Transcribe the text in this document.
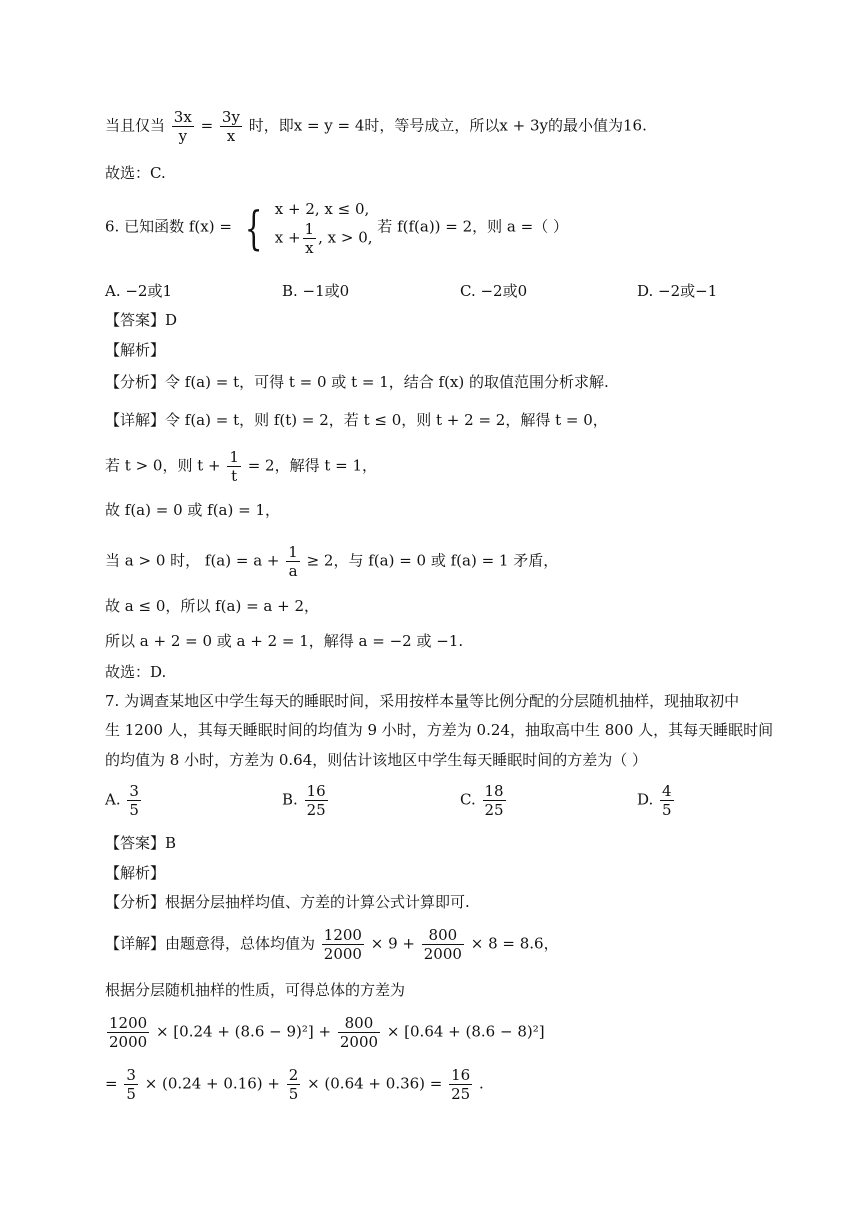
当且仅当 $\frac{3x}{y} = \frac{3y}{x}$ 时，即x = y = 4时，等号成立，所以x + 3y的最小值为16.
故选：C.
6. 已知函数 f(x) = { x + 2, x ≤ 0,
$x + \frac{1}{x}$ , x > 0,
若 f(f(a)) = 2，则 a =（ ）
A. −2或1	B. −1或0	C. −2或0	D. −2或−1
【答案】D
【解析】
【分析】令 f(a) = t，可得 t = 0 或 t = 1，结合 f(x) 的取值范围分析求解.
【详解】令 f(a) = t，则 f(t) = 2，若 t ≤ 0，则 t + 2 = 2，解得 t = 0，
若 t > 0，则 $t + \frac{1}{t} = 2$，解得 t = 1，
故 f(a) = 0 或 f(a) = 1，
当 a > 0 时， $f(a) = a + \frac{1}{a} \ge 2$，与 f(a) = 0 或 f(a) = 1 矛盾，
故 a ≤ 0，所以 f(a) = a + 2，
所以 a + 2 = 0 或 a + 2 = 1，解得 a = −2 或 −1.
故选：D.
7. 为调查某地区中学生每天的睡眠时间，采用按样本量等比例分配的分层随机抽样，现抽取初中
生 1200 人，其每天睡眠时间的均值为 9 小时，方差为 0.24，抽取高中生 800 人，其每天睡眠时间
的均值为 8 小时，方差为 0.64，则估计该地区中学生每天睡眠时间的方差为（ ）
A. $\frac{3}{5}$	B. $\frac{16}{25}$	C. $\frac{18}{25}$	D. $\frac{4}{5}$
【答案】B
【解析】
【分析】根据分层抽样均值、方差的计算公式计算即可.
【详解】由题意得，总体均值为 $\frac{1200}{2000} \times 9 + \frac{800}{2000} \times 8 = 8.6$，
根据分层随机抽样的性质，可得总体的方差为
$\frac{1200}{2000} \times [0.24 + (8.6 - 9)^2] + \frac{800}{2000} \times [0.64 + (8.6 - 8)^2]$
= $\frac{3}{5} \times (0.24 + 0.16) + \frac{2}{5} \times (0.64 + 0.36) = \frac{16}{25}$ .
